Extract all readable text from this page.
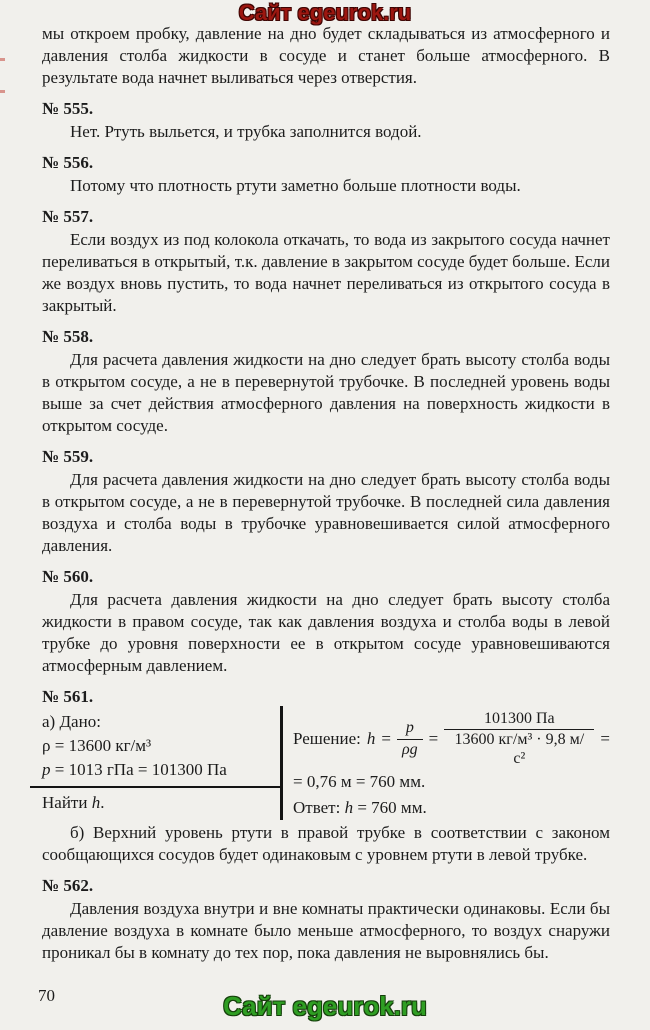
Сайт egeurok.ru

мы откроем пробку, давление на дно будет складываться из атмосферного и давления столба жидкости в сосуде и станет больше атмосферного. В результате вода начнет выливаться через отверстия.

№ 555.

Нет. Ртуть выльется, и трубка заполнится водой.

№ 556.

Потому что плотность ртути заметно больше плотности воды.

№ 557.

Если воздух из под колокола откачать, то вода из закрытого сосуда начнет переливаться в открытый, т.к. давление в закрытом сосуде будет больше. Если же воздух вновь пустить, то вода начнет переливаться из открытого сосуда в закрытый.

№ 558.

Для расчета давления жидкости на дно следует брать высоту столба воды в открытом сосуде, а не в перевернутой трубочке. В последней уровень воды выше за счет действия атмосферного давления на поверхность жидкости в открытом сосуде.

№ 559.

Для расчета давления жидкости на дно следует брать высоту столба воды в открытом сосуде, а не в перевернутой трубочке. В последней сила давления воздуха и столба воды в трубочке уравновешивается силой атмосферного давления.

№ 560.

Для расчета давления жидкости на дно следует брать высоту столба жидкости в правом сосуде, так как давления воздуха и столба воды в левой трубке до уровня поверхности ее в открытом сосуде уравновешиваются атмосферным давлением.

№ 561.
а) Дано:
ρ = 13600 кг/м³
p = 1013 гПа = 101300 Па
Найти h.
Решение: $h = \frac{p}{\rho g} = \frac{101300 Па}{\text{13600 кг/м³ · 9,8 м/с²}}$ =
= 0,76 м = 760 мм.
Ответ: h = 760 мм.

б) Верхний уровень ртути в правой трубке в соответствии с законом сообщающихся сосудов будет одинаковым с уровнем ртути в левой трубке.

№ 562.

Давления воздуха внутри и вне комнаты практически одинаковы. Если бы давление воздуха в комнате было меньше атмосферного, то воздух снаружи проникал бы в комнату до тех пор, пока давления не выровнялись бы.

70	Сайт egeurok.ru
